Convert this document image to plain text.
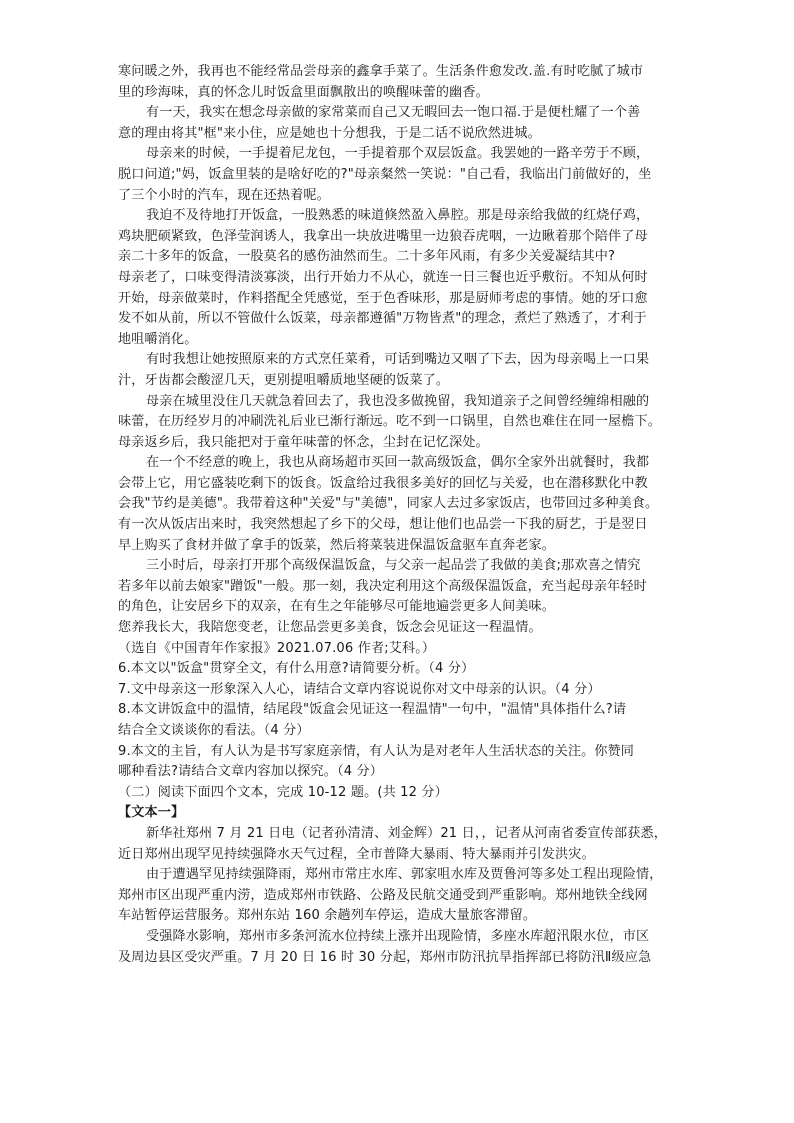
寒问暖之外，我再也不能经常品尝母亲的鑫拿手菜了。生活条件愈发改.盖.有时吃腻了城市
里的珍海味，真的怀念儿时饭盒里面飘散出的唤醒味蕾的幽香。
有一天，我实在想念母亲做的家常菜而自己又无暇回去一饱口福.于是便杜耀了一个善
意的理由将其"框"来小住，应是她也十分想我，于是二话不说欣然进城。
母亲来的时候，一手提着尼龙包，一手提着那个双层饭盒。我罢她的一路辛劳于不顾，
脱口问道;"妈，饭盒里装的是啥好吃的?"母亲粲然一笑说："自己看，我临出门前做好的，坐
了三个小时的汽车，现在还热着呢。
我迫不及待地打开饭盒，一股熟悉的味道倏然盈入鼻腔。那是母亲给我做的红烧仔鸡，
鸡块肥硕紧致，色泽莹润诱人，我拿出一块放进嘴里一边狼吞虎咽，一边瞅着那个陪伴了母
亲二十多年的饭盒，一股莫名的感伤油然而生。二十多年风雨，有多少关爱凝结其中?
母亲老了，口味变得清淡寡淡，出行开始力不从心，就连一日三餐也近乎敷衍。不知从何时
开始，母亲做菜时，作料搭配全凭感觉，至于色香味形，那是厨师考虑的事情。她的牙口愈
发不如从前，所以不管做什么饭菜，母亲都遵循"万物皆煮"的理念，煮烂了熟透了，才利于
地咀嚼消化。
有时我想让她按照原来的方式烹任菜肴，可话到嘴边又咽了下去，因为母亲喝上一口果
汁，牙齿都会酸涩几天，更别提咀嚼质地坚硬的饭菜了。
母亲在城里没住几天就急着回去了，我也没多做挽留，我知道亲子之间曾经缠绵相融的
味蕾，在历经岁月的冲刷洗礼后业已渐行渐远。吃不到一口锅里，自然也难住在同一屋檐下。
母亲返乡后，我只能把对于童年味蕾的怀念，尘封在记忆深处。
在一个不经意的晚上，我也从商场超市买回一款高级饭盒，偶尔全家外出就餐时，我都
会带上它，用它盛装吃剩下的饭食。饭盒给过我很多美好的回忆与关爱，也在潜移默化中教
会我"节约是美德"。我带着这种"关爱"与"美德"，同家人去过多家饭店，也带回过多种美食。
有一次从饭店出来时，我突然想起了乡下的父母，想让他们也品尝一下我的厨艺，于是翌日
早上购买了食材并做了拿手的饭菜，然后将菜装进保温饭盒驱车直奔老家。
三小时后，母亲打开那个高级保温饭盒，与父亲一起品尝了我做的美食;那欢喜之情究
若多年以前去娘家"蹭饭"一般。那一刻，我决定利用这个高级保温饭盒，充当起母亲年轻时
的角色，让安居乡下的双亲，在有生之年能够尽可能地遍尝更多人间美味。
您养我长大，我陪您变老，让您品尝更多美食，饭念会见证这一程温情。
（选自《中国青年作家报》2021.07.06 作者;艾科。）
6.本文以"饭盒"贯穿全文，有什么用意?请简要分析。（4 分）
7.文中母亲这一形象深入人心，请结合文章内容说说你对文中母亲的认识。（4 分）
8.本文讲饭盒中的温情，结尾段"饭盒会见证这一程温情"一句中，"温情"具体指什么?请
结合全文谈谈你的看法。（4 分）
9.本文的主旨，有人认为是书写家庭亲情，有人认为是对老年人生活状态的关注。你赞同
哪种看法?请结合文章内容加以探究。（4 分）
（二）阅读下面四个文本，完成 10-12 题。(共 12 分）
【文本一】
新华社郑州 7 月 21 日电（记者孙清清、刘金辉）21 日，，记者从河南省委宣传部获悉，
近日郑州出现罕见持续强降水天气过程，全市普降大暴雨、特大暴雨并引发洪灾。
由于遭遇罕见持续强降雨，郑州市常庄水库、郭家咀水库及贾鲁河等多处工程出现险情，
郑州市区出现严重内涝，造成郑州市铁路、公路及民航交通受到严重影响。郑州地铁全线网
车站暂停运营服务。郑州东站 160 余趟列车停运，造成大量旅客滞留。
受强降水影响，郑州市多条河流水位持续上涨并出现险情，多座水库超汛限水位，市区
及周边县区受灾严重。7 月 20 日 16 时 30 分起，郑州市防汛抗旱指挥部已将防汛Ⅱ级应急
